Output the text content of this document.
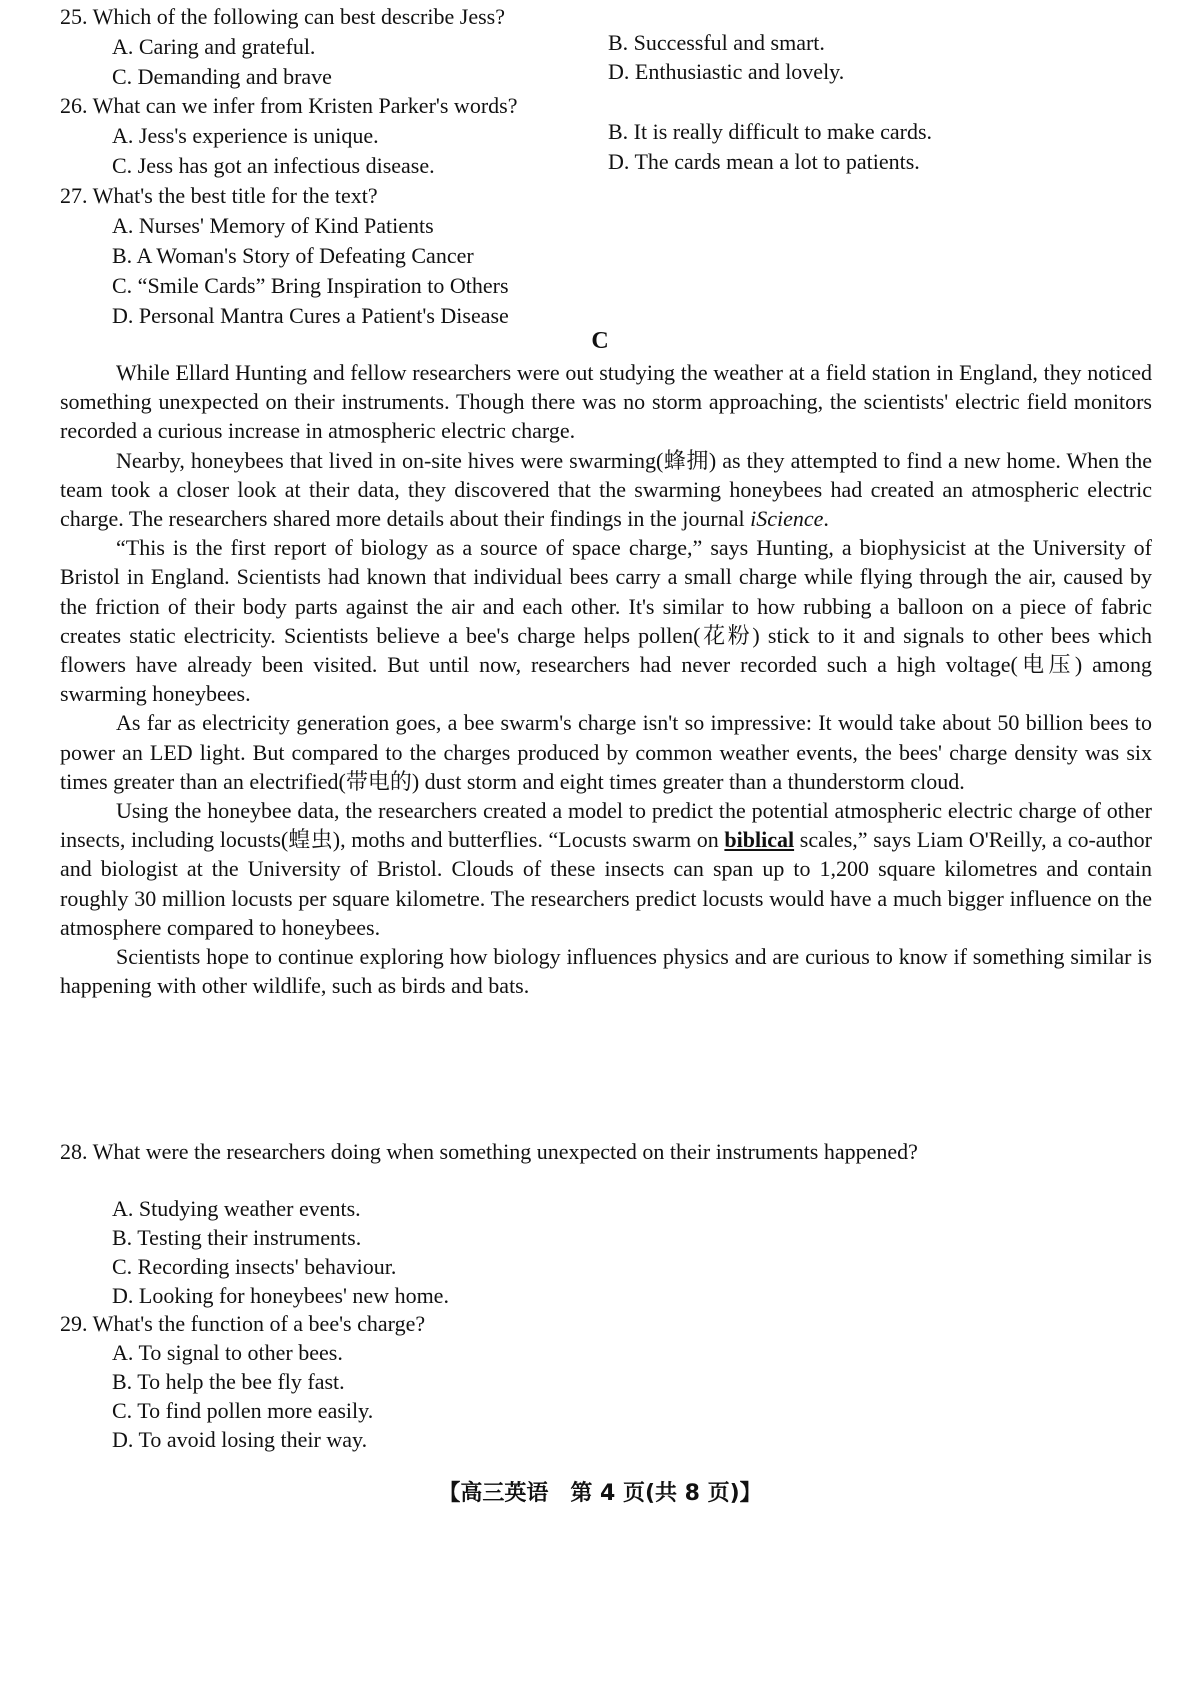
25. Which of the following can best describe Jess?
A. Caring and grateful.	B. Successful and smart.
C. Demanding and brave	D. Enthusiastic and lovely.
26. What can we infer from Kristen Parker's words?
A. Jess's experience is unique.	B. It is really difficult to make cards.
C. Jess has got an infectious disease.	D. The cards mean a lot to patients.
27. What's the best title for the text?
A. Nurses' Memory of Kind Patients
B. A Woman's Story of Defeating Cancer
C. “Smile Cards” Bring Inspiration to Others
D. Personal Mantra Cures a Patient's Disease
C

While Ellard Hunting and fellow researchers were out studying the weather at a field station in England, they noticed something unexpected on their instruments. Though there was no storm approaching, the scientists' electric field monitors recorded a curious increase in atmospheric electric charge.

Nearby, honeybees that lived in on-site hives were swarming(蜂拥) as they attempted to find a new home. When the team took a closer look at their data, they discovered that the swarming honeybees had created an atmospheric electric charge. The researchers shared more details about their findings in the journal iScience.

“This is the first report of biology as a source of space charge,” says Hunting, a biophysicist at the University of Bristol in England. Scientists had known that individual bees carry a small charge while flying through the air, caused by the friction of their body parts against the air and each other. It's similar to how rubbing a balloon on a piece of fabric creates static electricity. Scientists believe a bee's charge helps pollen(花粉) stick to it and signals to other bees which flowers have already been visited. But until now, researchers had never recorded such a high voltage(电压) among swarming honeybees.

As far as electricity generation goes, a bee swarm's charge isn't so impressive: It would take about 50 billion bees to power an LED light. But compared to the charges produced by common weather events, the bees' charge density was six times greater than an electrified(带电的) dust storm and eight times greater than a thunderstorm cloud.

Using the honeybee data, the researchers created a model to predict the potential atmospheric electric charge of other insects, including locusts(蝗虫), moths and butterflies. “Locusts swarm on biblical scales,” says Liam O'Reilly, a co-author and biologist at the University of Bristol. Clouds of these insects can span up to 1,200 square kilometres and contain roughly 30 million locusts per square kilometre. The researchers predict locusts would have a much bigger influence on the atmosphere compared to honeybees.

Scientists hope to continue exploring how biology influences physics and are curious to know if something similar is happening with other wildlife, such as birds and bats.

28. What were the researchers doing when something unexpected on their instruments happened?
A. Studying weather events.
B. Testing their instruments.
C. Recording insects' behaviour.
D. Looking for honeybees' new home.
29. What's the function of a bee's charge?
A. To signal to other bees.
B. To help the bee fly fast.
C. To find pollen more easily.
D. To avoid losing their way.
【高三英语　第 4 页(共 8 页)】
